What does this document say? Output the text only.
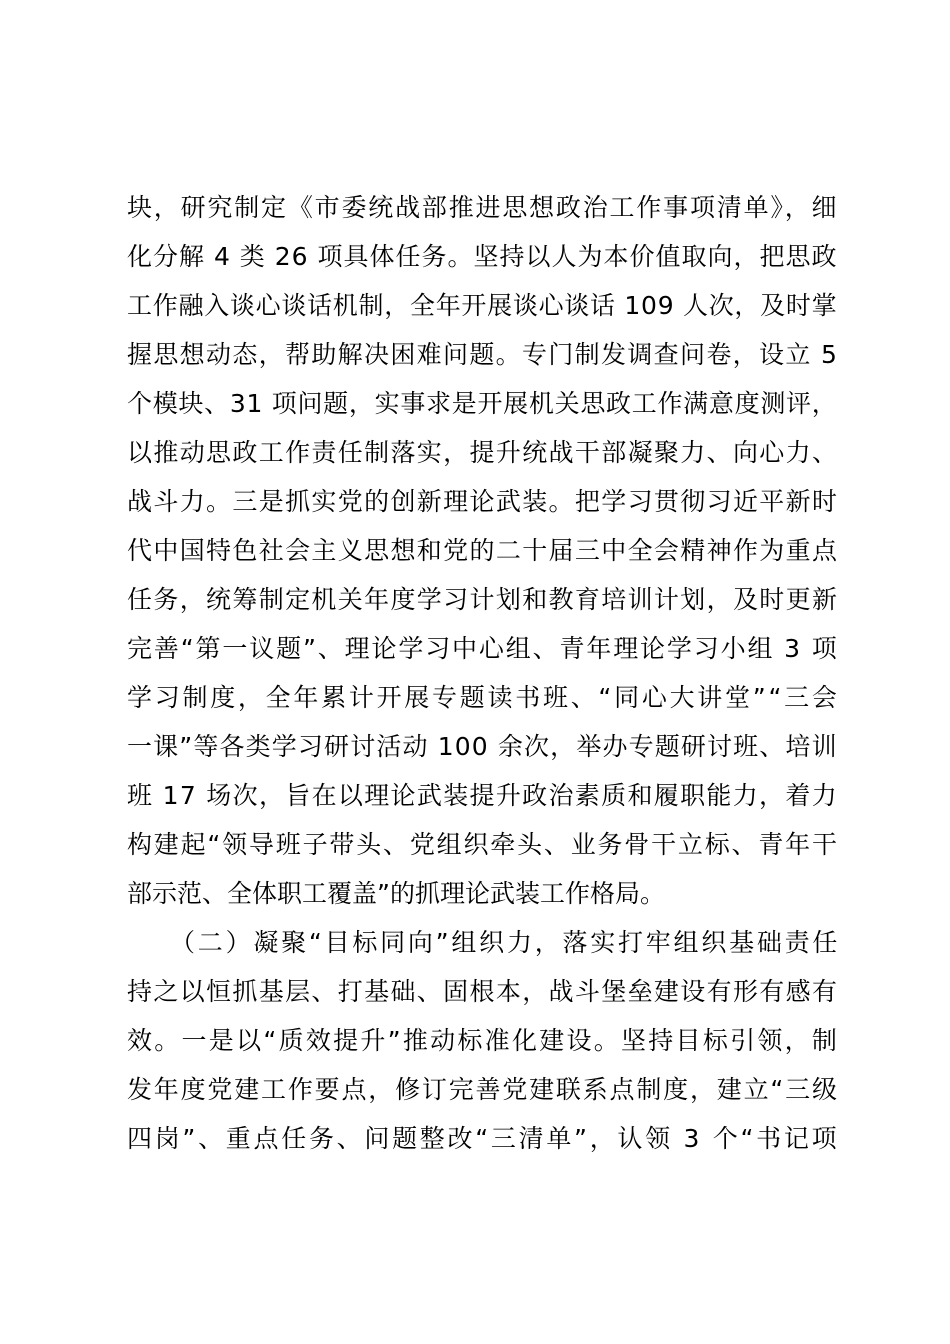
块，研究制定《市委统战部推进思想政治工作事项清单》，细
化分解 4 类 26 项具体任务。坚持以人为本价值取向，把思政
工作融入谈心谈话机制，全年开展谈心谈话 109 人次，及时掌
握思想动态，帮助解决困难问题。专门制发调查问卷，设立 5
个模块、31 项问题，实事求是开展机关思政工作满意度测评，
以推动思政工作责任制落实，提升统战干部凝聚力、向心力、
战斗力。三是抓实党的创新理论武装。把学习贯彻习近平新时
代中国特色社会主义思想和党的二十届三中全会精神作为重点
任务，统筹制定机关年度学习计划和教育培训计划，及时更新
完善“第一议题”、理论学习中心组、青年理论学习小组 3 项
学习制度，全年累计开展专题读书班、“同心大讲堂”“三会
一课”等各类学习研讨活动 100 余次，举办专题研讨班、培训
班 17 场次，旨在以理论武装提升政治素质和履职能力，着力
构建起“领导班子带头、党组织牵头、业务骨干立标、青年干
部示范、全体职工覆盖”的抓理论武装工作格局。
　　（二）凝聚“目标同向”组织力，落实打牢组织基础责任
持之以恒抓基层、打基础、固根本，战斗堡垒建设有形有感有
效。一是以“质效提升”推动标准化建设。坚持目标引领，制
发年度党建工作要点，修订完善党建联系点制度，建立“三级
四岗”、重点任务、问题整改“三清单”，认领 3 个“书记项
